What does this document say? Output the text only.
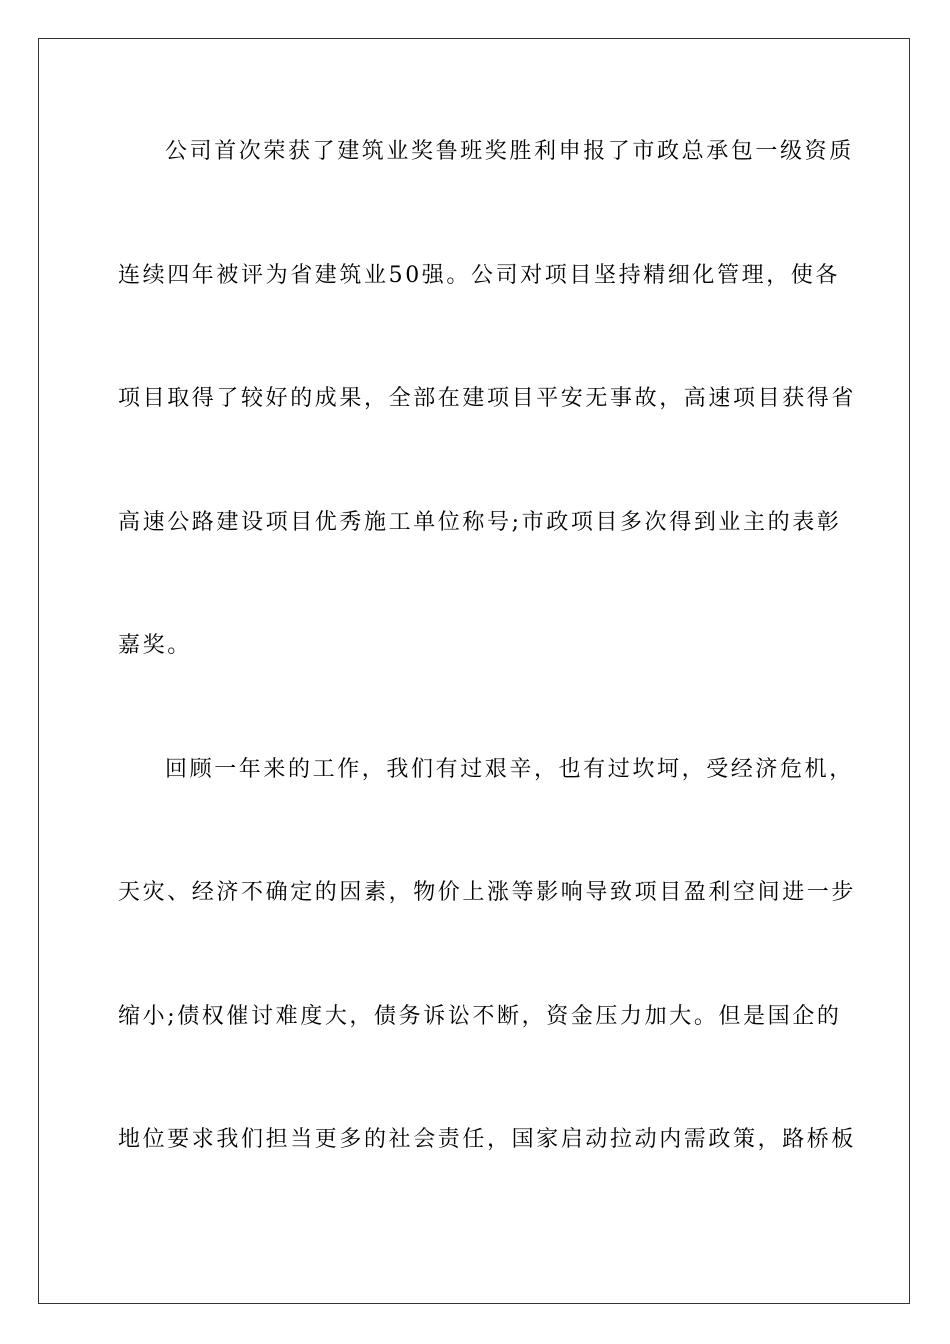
公司首次荣获了建筑业奖鲁班奖胜利申报了市政总承包一级资质
连续四年被评为省建筑业50强。公司对项目坚持精细化管理，使各
项目取得了较好的成果，全部在建项目平安无事故，高速项目获得省
高速公路建设项目优秀施工单位称号;市政项目多次得到业主的表彰
嘉奖。
回顾一年来的工作，我们有过艰辛，也有过坎坷，受经济危机，
天灾、经济不确定的因素，物价上涨等影响导致项目盈利空间进一步
缩小;债权催讨难度大，债务诉讼不断，资金压力加大。但是国企的
地位要求我们担当更多的社会责任，国家启动拉动内需政策，路桥板
